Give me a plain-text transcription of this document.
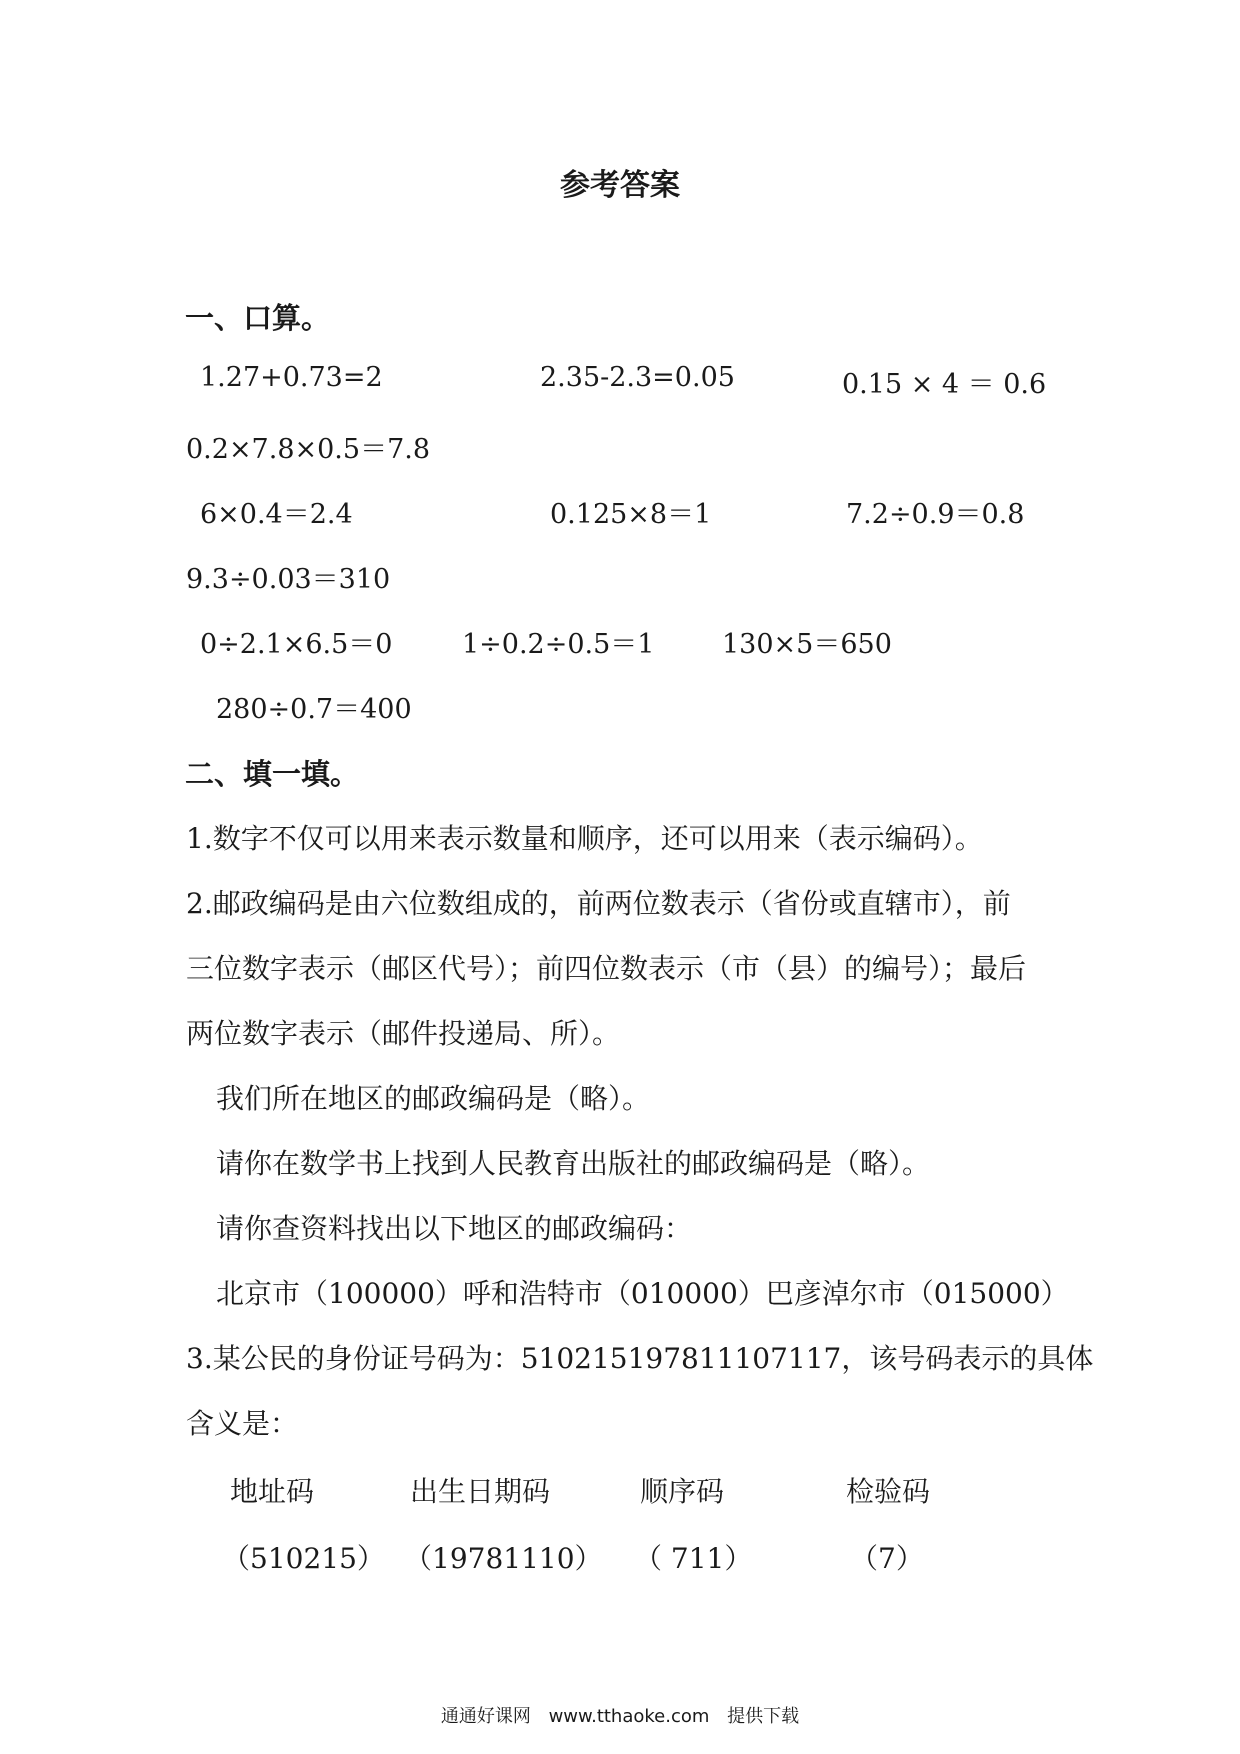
参考答案
一、口算。
1.27+0.73=2	2.35-2.3=0.05	0.15 × 4 ＝ 0.6
0.2×7.8×0.5＝7.8
6×0.4＝2.4	0.125×8＝1	7.2÷0.9＝0.8
9.3÷0.03＝310
0÷2.1×6.5＝0	1÷0.2÷0.5＝1	130×5＝650
280÷0.7＝400
二、填一填。
1.数字不仅可以用来表示数量和顺序，还可以用来（表示编码）。
2.邮政编码是由六位数组成的，前两位数表示（省份或直辖市），前
三位数字表示（邮区代号）；前四位数表示（市（县）的编号）；最后
两位数字表示（邮件投递局、所）。
我们所在地区的邮政编码是（略）。
请你在数学书上找到人民教育出版社的邮政编码是（略）。
请你查资料找出以下地区的邮政编码：
北京市（100000）呼和浩特市（010000）巴彦淖尔市（015000）
3.某公民的身份证号码为：510215197811107117，该号码表示的具体
含义是：
地址码	出生日期码	顺序码	检验码
（510215） （19781110） （ 711）	（7）
通通好课网 www.tthaoke.com 提供下载
